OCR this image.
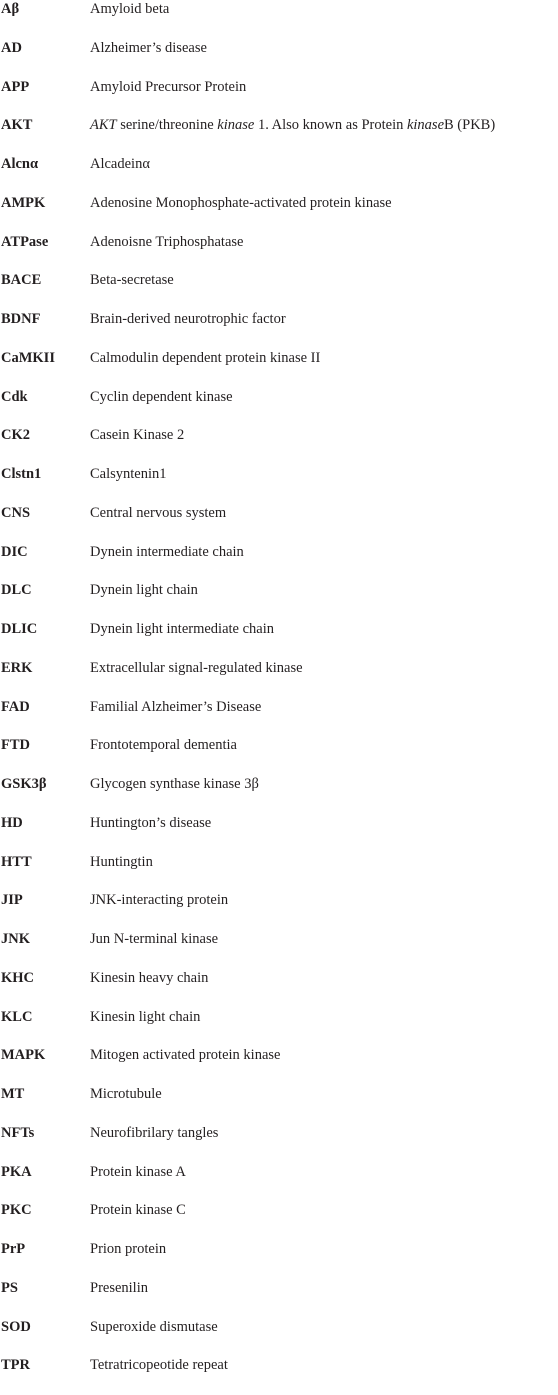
Aβ	Amyloid beta
AD	Alzheimer’s disease
APP	Amyloid Precursor Protein
AKT	AKT serine/threonine kinase 1. Also known as Protein kinaseB (PKB)
Alcnα	Alcadeinα
AMPK	Adenosine Monophosphate-activated protein kinase
ATPase	Adenoisne Triphosphatase
BACE	Beta-secretase
BDNF	Brain-derived neurotrophic factor
CaMKII Calmodulin dependent protein kinase II
Cdk	Cyclin dependent kinase
CK2	Casein Kinase 2
Clstn1	Calsyntenin1
CNS	Central nervous system
DIC	Dynein intermediate chain
DLC	Dynein light chain
DLIC	Dynein light intermediate chain
ERK	Extracellular signal-regulated kinase
FAD	Familial Alzheimer’s Disease
FTD	Frontotemporal dementia
GSK3β	Glycogen synthase kinase 3β
HD	Huntington’s disease
HTT	Huntingtin
JIP	JNK-interacting protein
JNK	Jun N-terminal kinase
KHC	Kinesin heavy chain
KLC	Kinesin light chain
MAPK	Mitogen activated protein kinase
MT	Microtubule
NFTs	Neurofibrilary tangles
PKA	Protein kinase A
PKC	Protein kinase C
PrP	Prion protein
PS	Presenilin
SOD	Superoxide dismutase
TPR	Tetratricopeotide repeat
